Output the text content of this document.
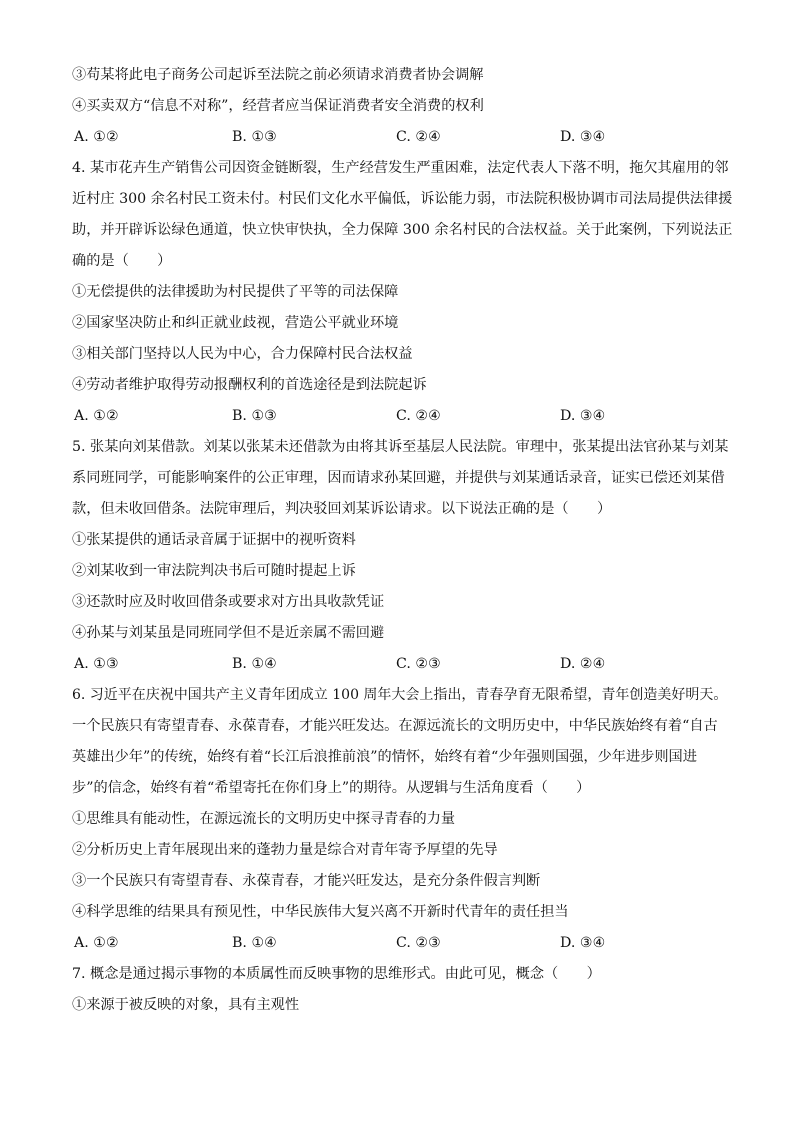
③苟某将此电子商务公司起诉至法院之前必须请求消费者协会调解
④买卖双方“信息不对称”，经营者应当保证消费者安全消费的权利
A. ①②	B. ①③	C. ②④	D. ③④
4. 某市花卉生产销售公司因资金链断裂，生产经营发生严重困难，法定代表人下落不明，拖欠其雇用的邻
近村庄 300 余名村民工资未付。村民们文化水平偏低，诉讼能力弱，市法院积极协调市司法局提供法律援
助，并开辟诉讼绿色通道，快立快审快执，全力保障 300 余名村民的合法权益。关于此案例，下列说法正
确的是（　　）
①无偿提供的法律援助为村民提供了平等的司法保障
②国家坚决防止和纠正就业歧视，营造公平就业环境
③相关部门坚持以人民为中心，合力保障村民合法权益
④劳动者维护取得劳动报酬权利的首选途径是到法院起诉
A. ①②	B. ①③	C. ②④	D. ③④
5. 张某向刘某借款。刘某以张某未还借款为由将其诉至基层人民法院。审理中，张某提出法官孙某与刘某
系同班同学，可能影响案件的公正审理，因而请求孙某回避，并提供与刘某通话录音，证实已偿还刘某借
款，但未收回借条。法院审理后，判决驳回刘某诉讼请求。以下说法正确的是（　　）
①张某提供的通话录音属于证据中的视听资料
②刘某收到一审法院判决书后可随时提起上诉
③还款时应及时收回借条或要求对方出具收款凭证
④孙某与刘某虽是同班同学但不是近亲属不需回避
A. ①③	B. ①④	C. ②③	D. ②④
6. 习近平在庆祝中国共产主义青年团成立 100 周年大会上指出，青春孕育无限希望，青年创造美好明天。
一个民族只有寄望青春、永葆青春，才能兴旺发达。在源远流长的文明历史中，中华民族始终有着“自古
英雄出少年”的传统，始终有着“长江后浪推前浪”的情怀，始终有着“少年强则国强，少年进步则国进
步”的信念，始终有着“希望寄托在你们身上”的期待。从逻辑与生活角度看（　　）
①思维具有能动性，在源远流长的文明历史中探寻青春的力量
②分析历史上青年展现出来的蓬勃力量是综合对青年寄予厚望的先导
③一个民族只有寄望青春、永葆青春，才能兴旺发达，是充分条件假言判断
④科学思维的结果具有预见性，中华民族伟大复兴离不开新时代青年的责任担当
A. ①②	B. ①④	C. ②③	D. ③④
7. 概念是通过揭示事物的本质属性而反映事物的思维形式。由此可见，概念（　　）
①来源于被反映的对象，具有主观性
